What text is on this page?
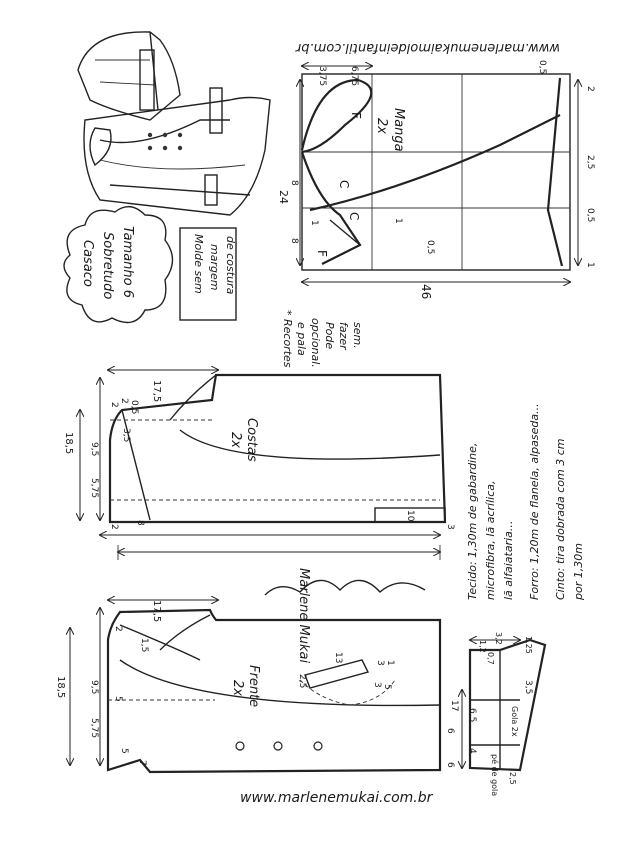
www.marlenemukaimoldeinfantil.com.br
Manga
2x
F
C
C
F
3,75 6,75	0,5
2
2,5
0,5
1
24
8
8
1	1
0,5
46
Casaco Sobretudo Tamanho 6	Molde sem margem de costura
* Recortes e pala opcional. Pode fazer sem.
Costas
2x
17,5
18,5 9,5
5,75
2
3,5
0,5
2
8
10
3
2
Marlene Mukai
Frente
2x
17,5
18,5	9,5
5,75
2
1,5
5
7
6
6
5
3
13	1
2,5	3 5
Tecido: 1,30m de gabardine, microfibra, lã acrílica, lã alfaiataria... Forro: 1,20m de flanela, alpaseda... Cinto: tira dobrada com 3 cm por 1,30m
Gola 2x
pé de gola
17
6,5
4
3,5
0,7
1,2
3,2
2,5
1,25
www.marlenemukai.com.br
